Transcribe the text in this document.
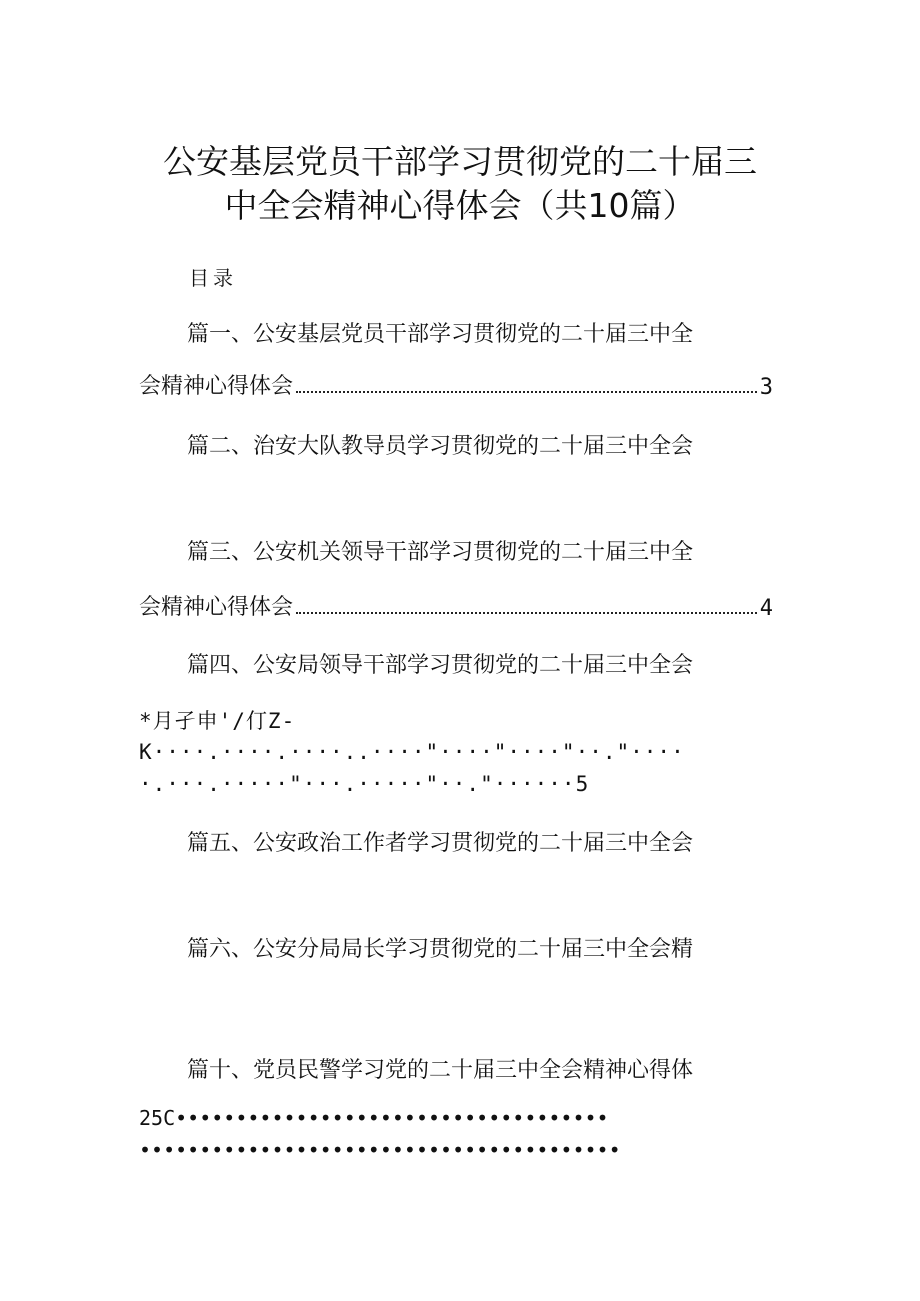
公安基层党员干部学习贯彻党的二十届三
中全会精神心得体会（共10篇）
目录
篇一、公安基层党员干部学习贯彻党的二十届三中全
会精神心得体会	3
篇二、治安大队教导员学习贯彻党的二十届三中全会
篇三、公安机关领导干部学习贯彻党的二十届三中全
会精神心得体会	4
篇四、公安局领导干部学习贯彻党的二十届三中全会
*月孑申'/仃Z-
K····.····.····..····"····"····"··."····
·.···.·····"···.·····"··."······5
篇五、公安政治工作者学习贯彻党的二十届三中全会
篇六、公安分局局长学习贯彻党的二十届三中全会精
篇十、党员民警学习党的二十届三中全会精神心得体
25C••••••••••••••••••••••••••••••••••••
••••••••••••••••••••••••••••••••••••••••
